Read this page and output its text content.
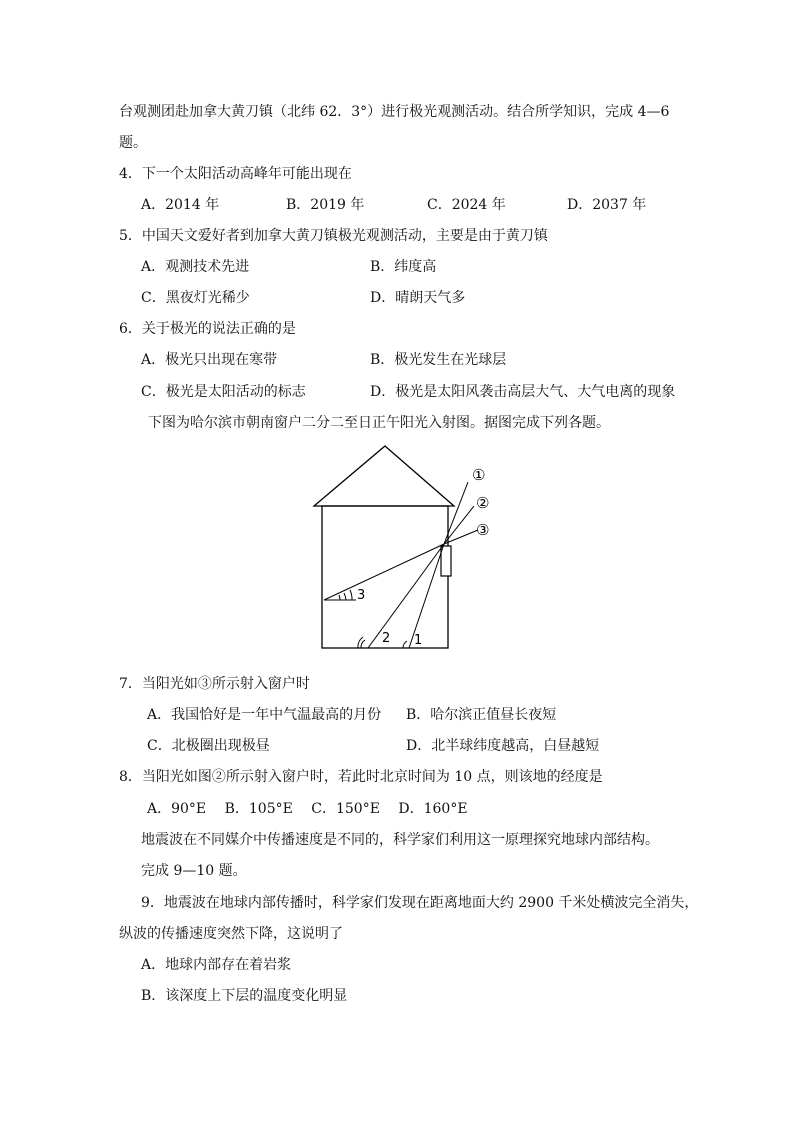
台观测团赴加拿大黄刀镇（北纬 62．3°）进行极光观测活动。结合所学知识，完成 4—6
题。
4．下一个太阳活动高峰年可能出现在
A．2014 年	B．2019 年	C．2024 年	D．2037 年
5．中国天文爱好者到加拿大黄刀镇极光观测活动，主要是由于黄刀镇
A．观测技术先进	B．纬度高
C．黑夜灯光稀少	D．晴朗天气多
6．关于极光的说法正确的是
A．极光只出现在寒带	B．极光发生在光球层
C．极光是太阳活动的标志	D．极光是太阳风袭击高层大气、大气电离的现象
下图为哈尔滨市朝南窗户二分二至日正午阳光入射图。据图完成下列各题。
①
②
③
1
2
3
7．当阳光如③所示射入窗户时
A．我国恰好是一年中气温最高的月份 B．哈尔滨正值昼长夜短
C．北极圈出现极昼	D．北半球纬度越高，白昼越短
8．当阳光如图②所示射入窗户时，若此时北京时间为 10 点，则该地的经度是
A．90°E　 B．105°E　 C．150°E　 D．160°E
地震波在不同媒介中传播速度是不同的，科学家们利用这一原理探究地球内部结构。
完成 9—10 题。
9．地震波在地球内部传播时，科学家们发现在距离地面大约 2900 千米处横波完全消失，
纵波的传播速度突然下降，这说明了
A．地球内部存在着岩浆
B．该深度上下层的温度变化明显
